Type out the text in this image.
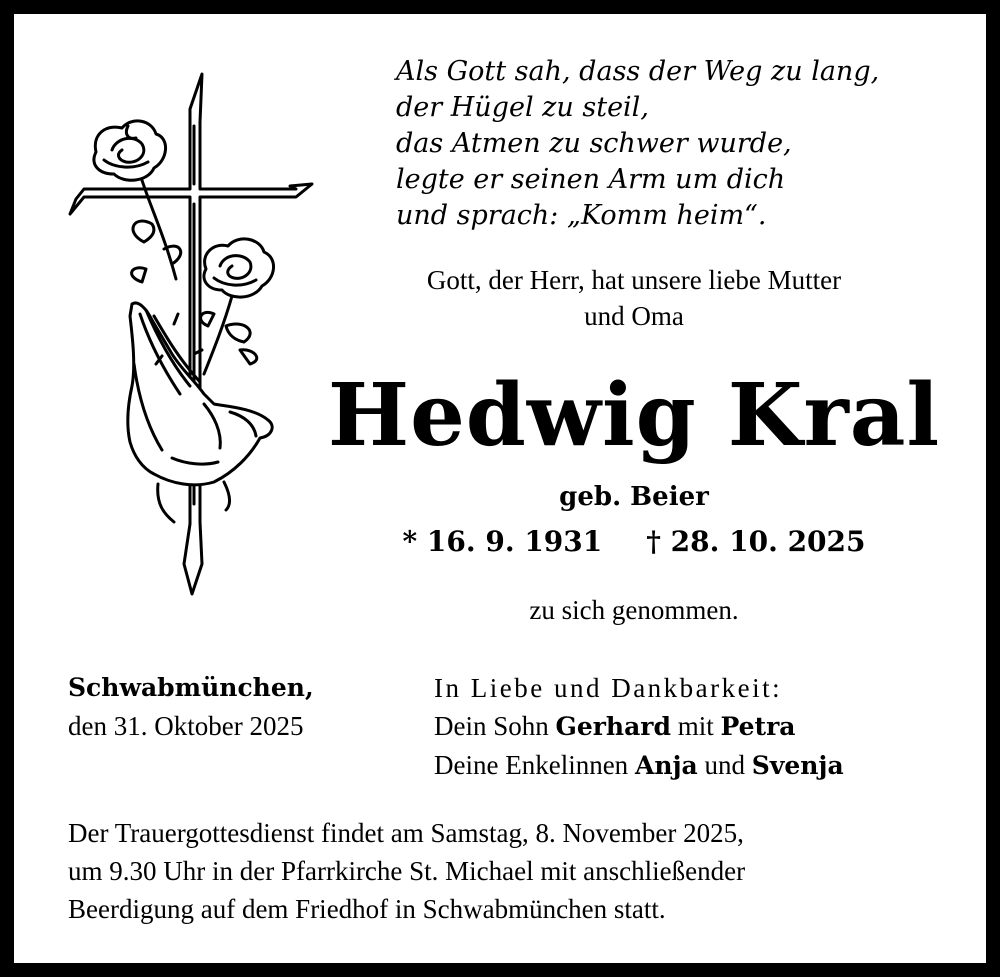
Als Gott sah, dass der Weg zu lang,
der Hügel zu steil,
das Atmen zu schwer wurde,
legte er seinen Arm um dich
und sprach: „Komm heim“.
Gott, der Herr, hat unsere liebe Mutter
und Oma
Hedwig Kral
geb. Beier
* 16. 9. 1931 † 28. 10. 2025
zu sich genommen.
Schwabmünchen,
den 31. Oktober 2025
In Liebe und Dankbarkeit:
Dein Sohn Gerhard mit Petra
Deine Enkelinnen Anja und Svenja
Der Trauergottesdienst findet am Samstag, 8. November 2025,
um 9.30 Uhr in der Pfarrkirche St. Michael mit anschließender
Beerdigung auf dem Friedhof in Schwabmünchen statt.
